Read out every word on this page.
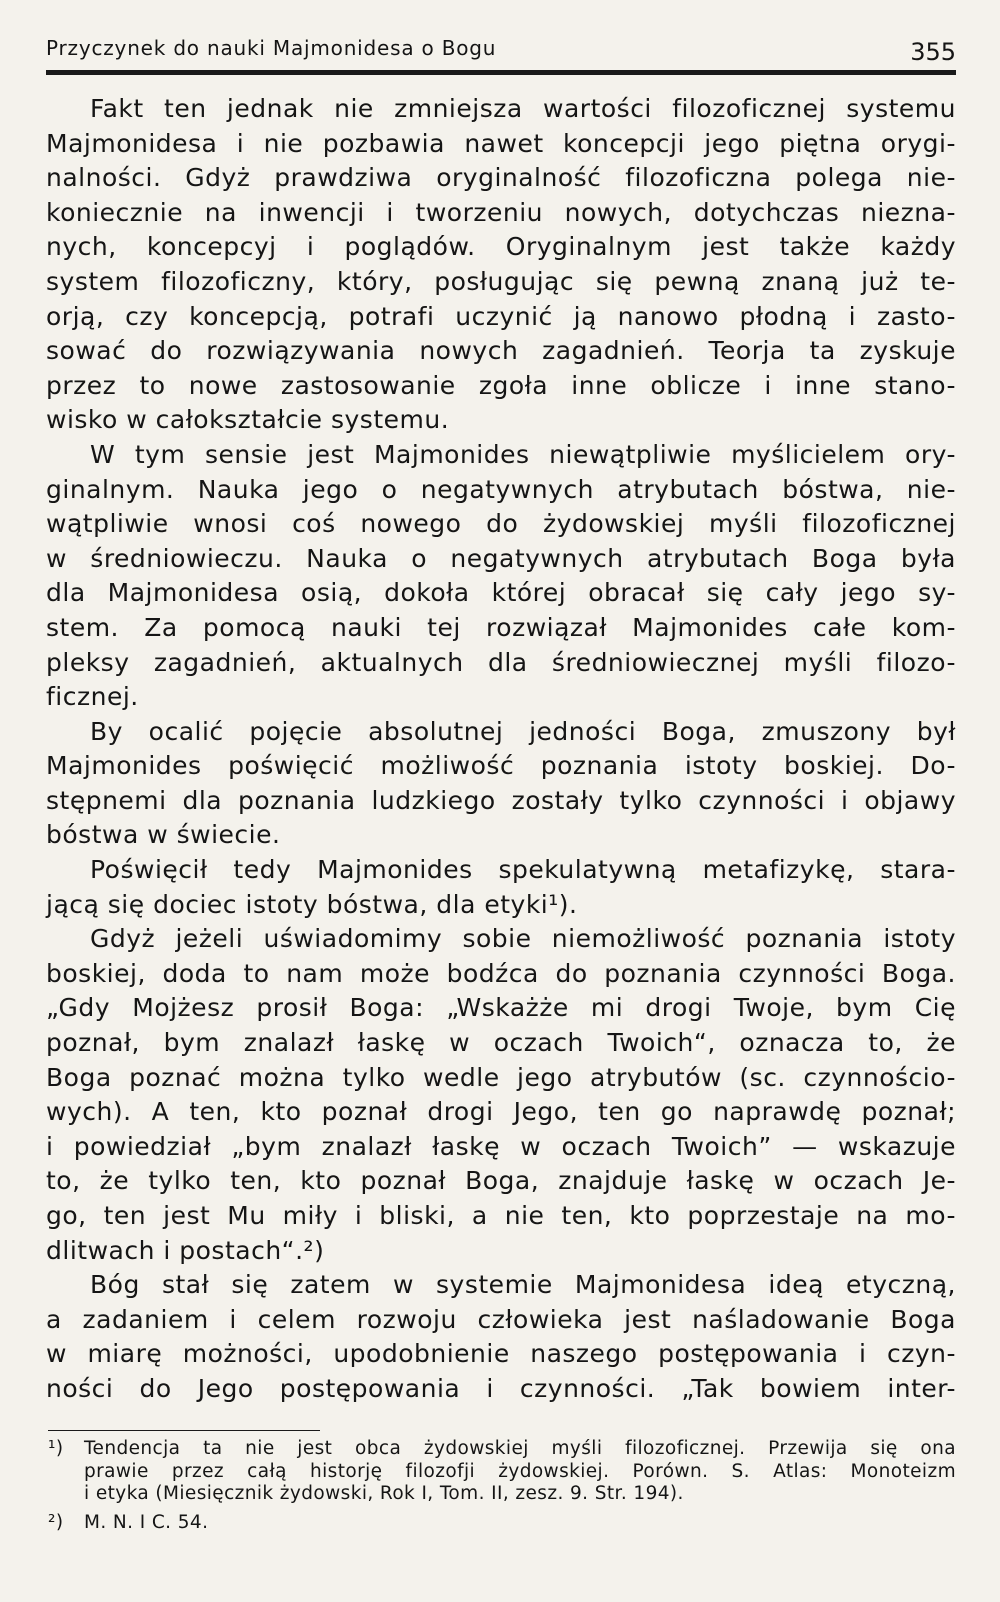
Przyczynek do nauki Majmonidesa o Bogu	355
Fakt ten jednak nie zmniejsza wartości filozoficznej systemu
Majmonidesa i nie pozbawia nawet koncepcji jego piętna orygi-
nalności. Gdyż prawdziwa oryginalność filozoficzna polega nie-
koniecznie na inwencji i tworzeniu nowych, dotychczas niezna-
nych, koncepcyj i poglądów. Oryginalnym jest także każdy
system filozoficzny, który, posługując się pewną znaną już te-
orją, czy koncepcją, potrafi uczynić ją nanowo płodną i zasto-
sować do rozwiązywania nowych zagadnień. Teorja ta zyskuje
przez to nowe zastosowanie zgoła inne oblicze i inne stano-
wisko w całokształcie systemu.
W tym sensie jest Majmonides niewątpliwie myślicielem ory-
ginalnym. Nauka jego o negatywnych atrybutach bóstwa, nie-
wątpliwie wnosi coś nowego do żydowskiej myśli filozoficznej
w średniowieczu. Nauka o negatywnych atrybutach Boga była
dla Majmonidesa osią, dokoła której obracał się cały jego sy-
stem. Za pomocą nauki tej rozwiązał Majmonides całe kom-
pleksy zagadnień, aktualnych dla średniowiecznej myśli filozo-
ficznej.
By ocalić pojęcie absolutnej jedności Boga, zmuszony był
Majmonides poświęcić możliwość poznania istoty boskiej. Do-
stępnemi dla poznania ludzkiego zostały tylko czynności i objawy
bóstwa w świecie.
Poświęcił tedy Majmonides spekulatywną metafizykę, stara-
jącą się dociec istoty bóstwa, dla etyki¹).
Gdyż jeżeli uświadomimy sobie niemożliwość poznania istoty
boskiej, doda to nam może bodźca do poznania czynności Boga.
„Gdy Mojżesz prosił Boga: „Wskażże mi drogi Twoje, bym Cię
poznał, bym znalazł łaskę w oczach Twoich“, oznacza to, że
Boga poznać można tylko wedle jego atrybutów (sc. czynnościo-
wych). A ten, kto poznał drogi Jego, ten go naprawdę poznał;
i powiedział „bym znalazł łaskę w oczach Twoich” — wskazuje
to, że tylko ten, kto poznał Boga, znajduje łaskę w oczach Je-
go, ten jest Mu miły i bliski, a nie ten, kto poprzestaje na mo-
dlitwach i postach“.²)
Bóg stał się zatem w systemie Majmonidesa ideą etyczną,
a zadaniem i celem rozwoju człowieka jest naśladowanie Boga
w miarę możności, upodobnienie naszego postępowania i czyn-
ności do Jego postępowania i czynności. „Tak bowiem inter-
¹) Tendencja ta nie jest obca żydowskiej myśli filozoficznej. Przewija się ona
prawie przez całą historję filozofji żydowskiej. Porówn. S. Atlas: Monoteizm
i etyka (Miesięcznik żydowski, Rok I, Tom. II, zesz. 9. Str. 194).
²) M. N. I C. 54.
